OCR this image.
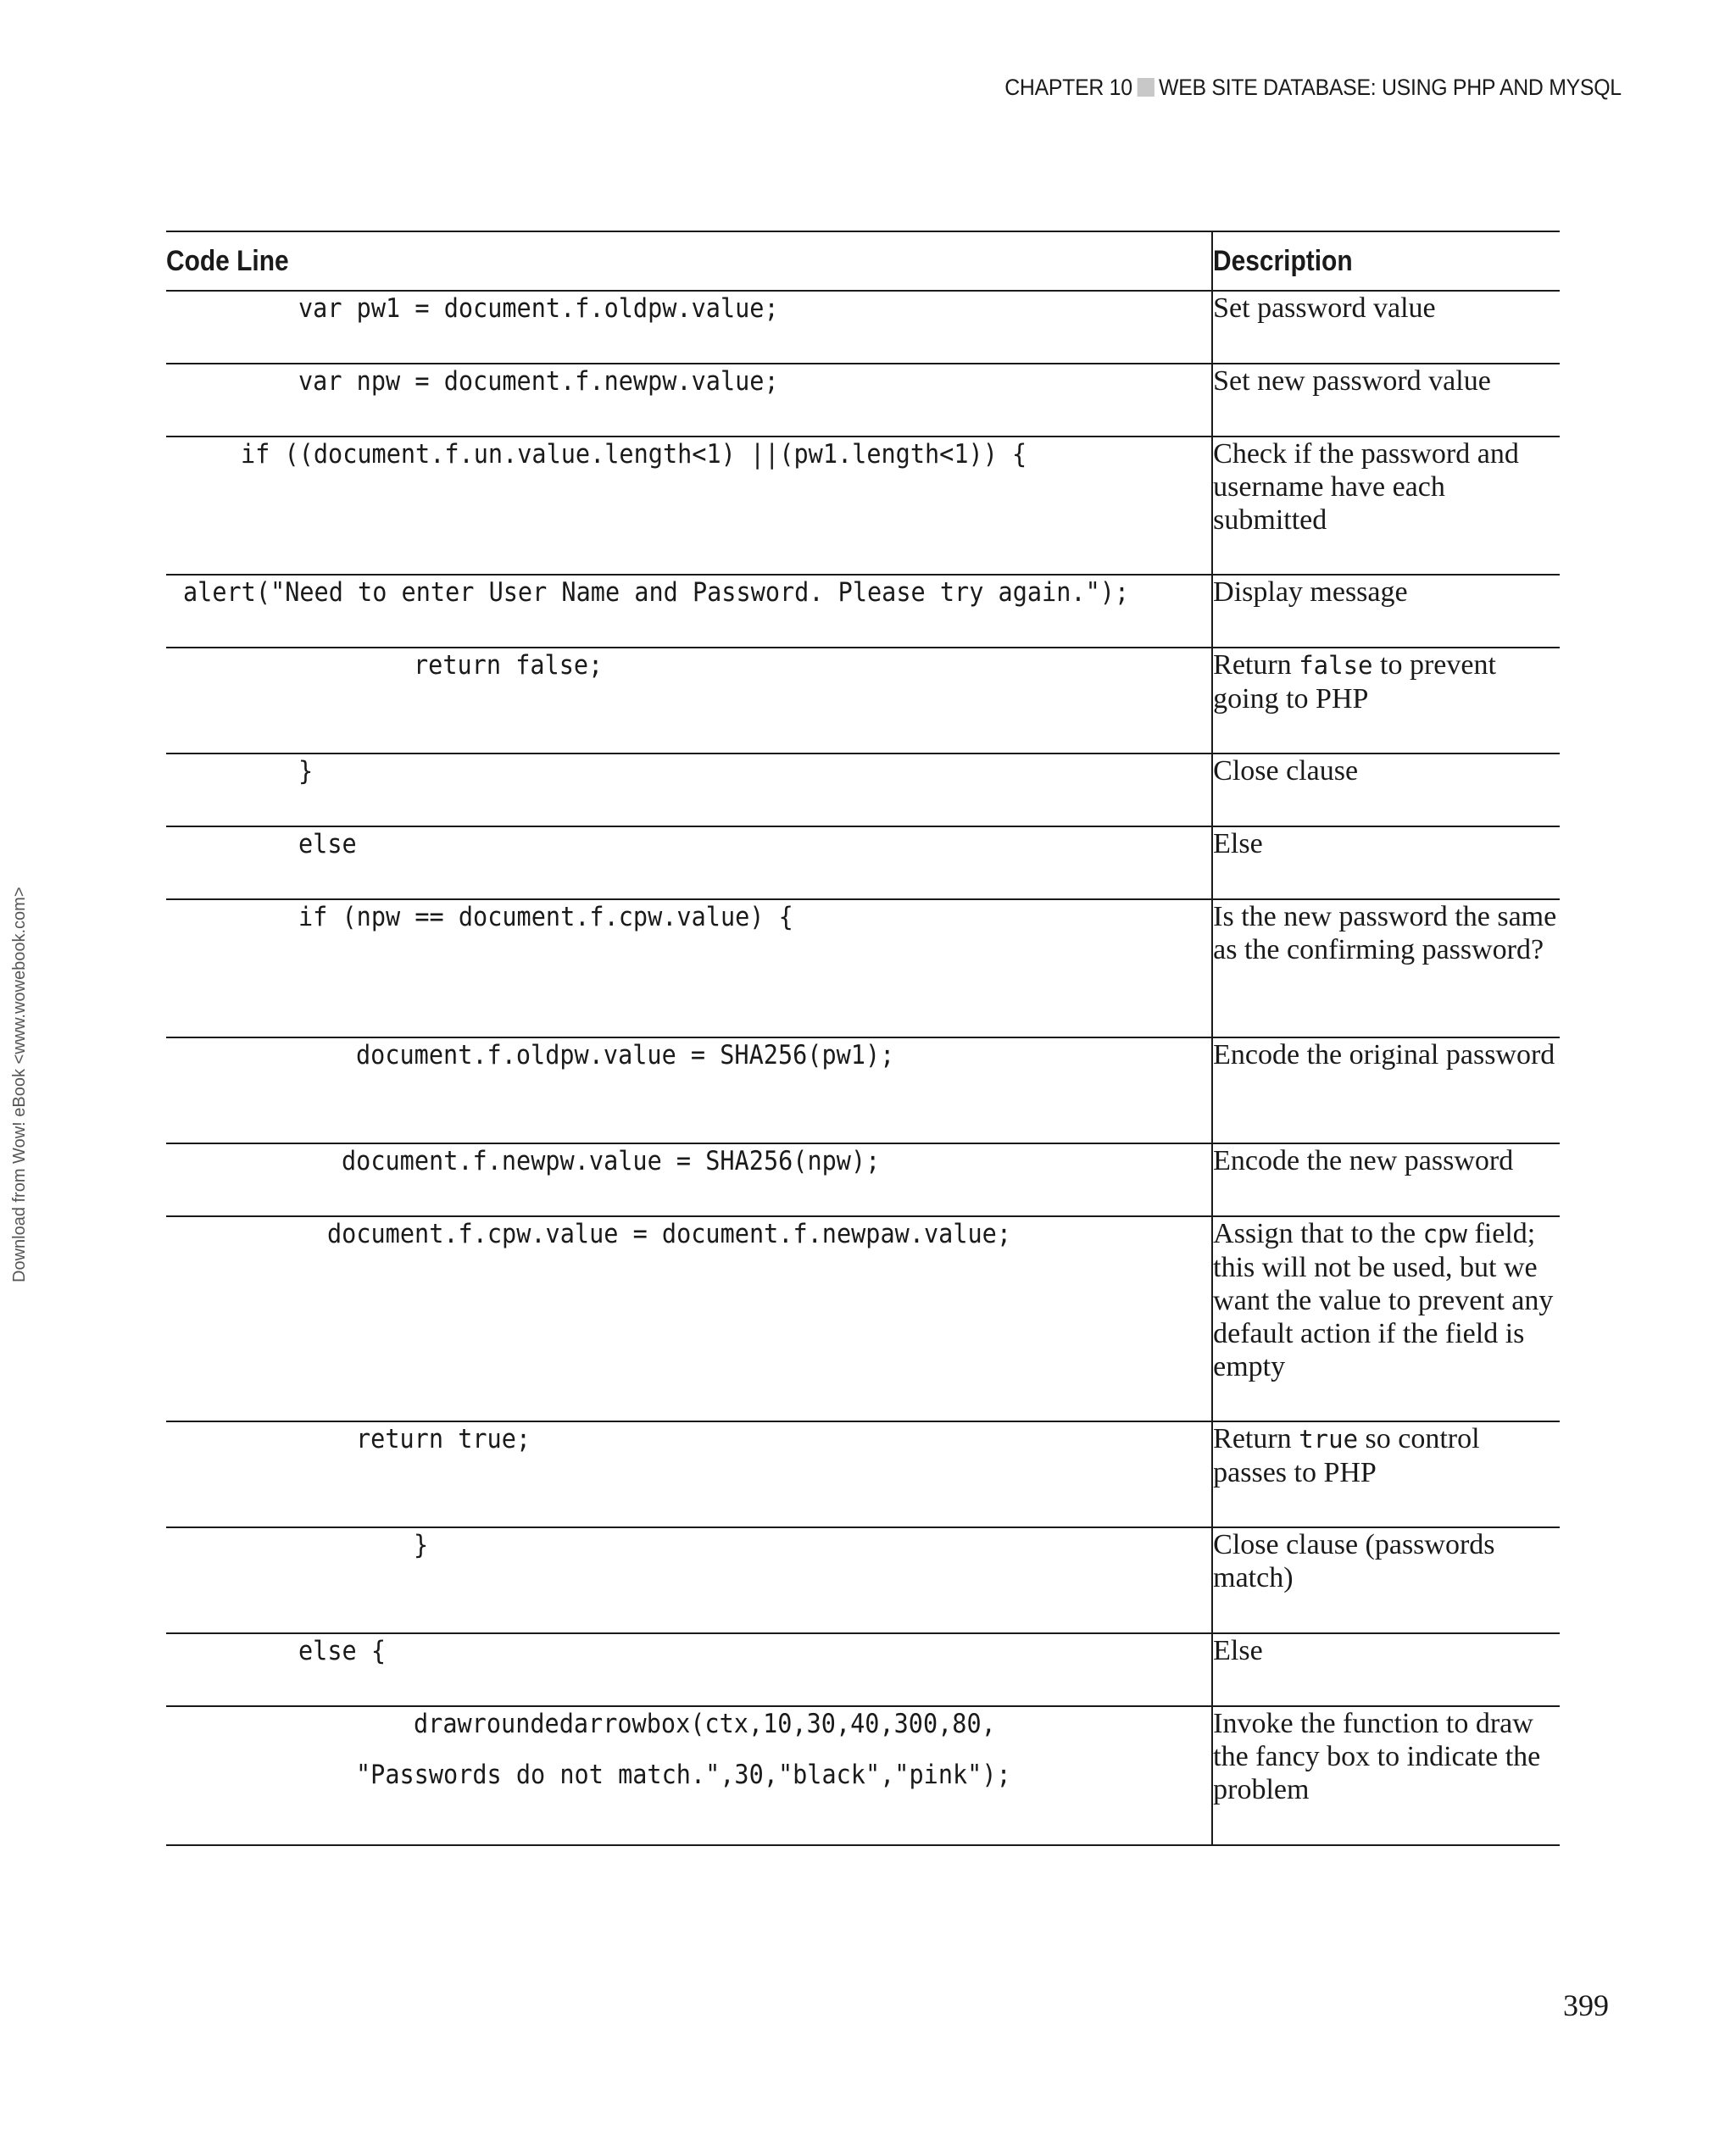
CHAPTER 10 WEB SITE DATABASE: USING PHP AND MYSQL
Download from Wow! eBook <www.wowebook.com>
Code Line	Description

var pw1 = document.f.oldpw.value;	Set password value

var npw = document.f.newpw.value;	Set new password value

if ((document.f.un.value.length<1) ||(pw1.length<1)) {	Check if the password and username have each submitted

alert("Need to enter User Name and Password. Please try again.");	Display message

return false;	Return false to prevent going to PHP

}	Close clause

else	Else

if (npw == document.f.cpw.value) {	Is the new password the same as the confirming password?

document.f.oldpw.value = SHA256(pw1);	Encode the original password

document.f.newpw.value = SHA256(npw);	Encode the new password

document.f.cpw.value = document.f.newpaw.value;	Assign that to the cpw field; this will not be used, but we want the value to prevent any default action if the field is empty

return true;	Return true so control passes to PHP

}	Close clause (passwords match)

else {	Else

drawroundedarrowbox(ctx,10,30,40,300,80,
"Passwords do not match.",30,"black","pink");	Invoke the function to draw the fancy box to indicate the problem
399
